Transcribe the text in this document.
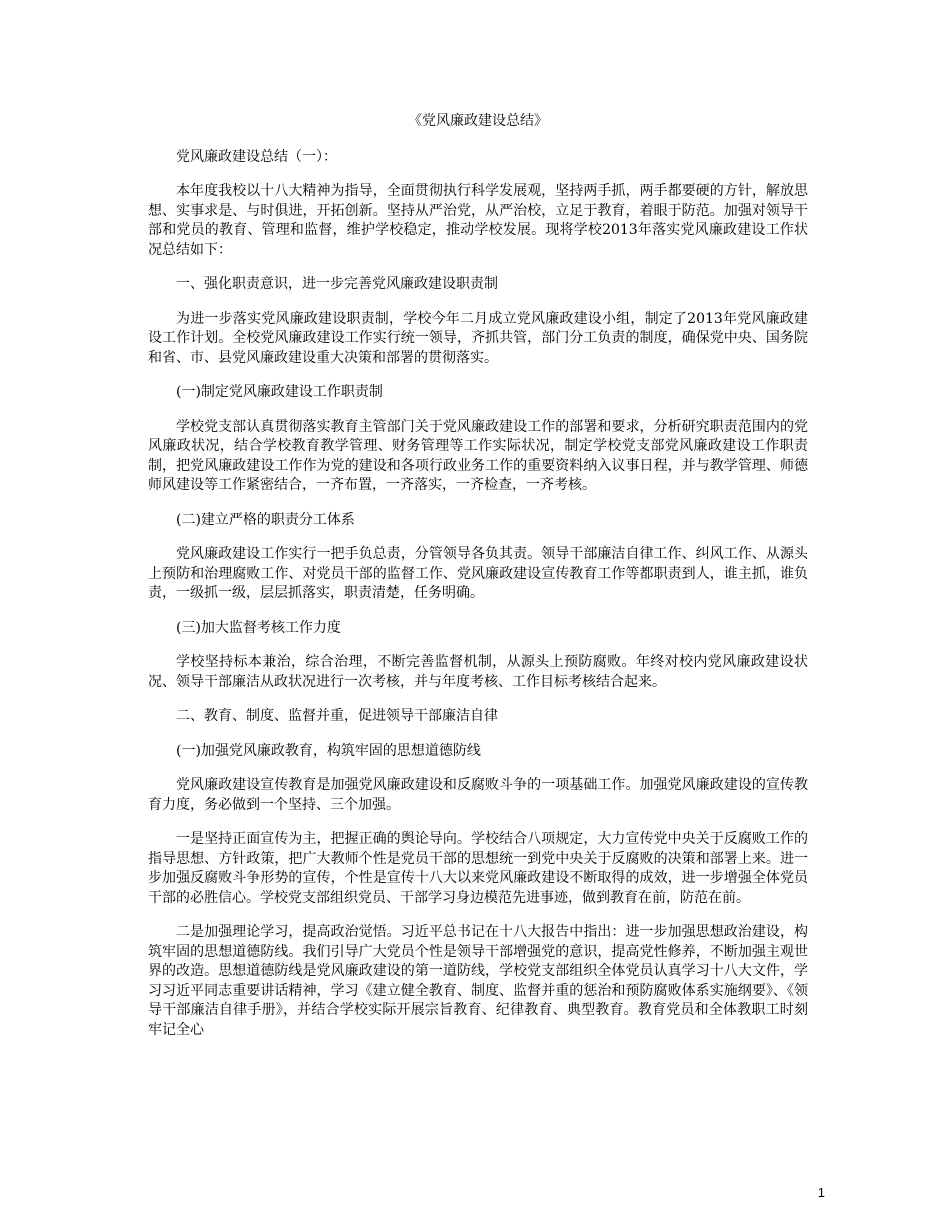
《党风廉政建设总结》

党风廉政建设总结（一）：

本年度我校以十八大精神为指导，全面贯彻执行科学发展观，坚持两手抓，两手都要硬的方针，解放思想、实事求是、与时俱进，开拓创新。坚持从严治党，从严治校，立足于教育，着眼于防范。加强对领导干部和党员的教育、管理和监督，维护学校稳定，推动学校发展。现将学校2013年落实党风廉政建设工作状况总结如下：

一、强化职责意识，进一步完善党风廉政建设职责制

为进一步落实党风廉政建设职责制，学校今年二月成立党风廉政建设小组，制定了2013年党风廉政建设工作计划。全校党风廉政建设工作实行统一领导，齐抓共管，部门分工负责的制度，确保党中央、国务院和省、市、县党风廉政建设重大决策和部署的贯彻落实。

(一)制定党风廉政建设工作职责制

学校党支部认真贯彻落实教育主管部门关于党风廉政建设工作的部署和要求，分析研究职责范围内的党风廉政状况，结合学校教育教学管理、财务管理等工作实际状况，制定学校党支部党风廉政建设工作职责制，把党风廉政建设工作作为党的建设和各项行政业务工作的重要资料纳入议事日程，并与教学管理、师德师风建设等工作紧密结合，一齐布置，一齐落实，一齐检查，一齐考核。

(二)建立严格的职责分工体系

党风廉政建设工作实行一把手负总责，分管领导各负其责。领导干部廉洁自律工作、纠风工作、从源头上预防和治理腐败工作、对党员干部的监督工作、党风廉政建设宣传教育工作等都职责到人，谁主抓，谁负责，一级抓一级，层层抓落实，职责清楚，任务明确。

(三)加大监督考核工作力度

学校坚持标本兼治，综合治理，不断完善监督机制，从源头上预防腐败。年终对校内党风廉政建设状况、领导干部廉洁从政状况进行一次考核，并与年度考核、工作目标考核结合起来。

二、教育、制度、监督并重，促进领导干部廉洁自律

(一)加强党风廉政教育，构筑牢固的思想道德防线

党风廉政建设宣传教育是加强党风廉政建设和反腐败斗争的一项基础工作。加强党风廉政建设的宣传教育力度，务必做到一个坚持、三个加强。

一是坚持正面宣传为主，把握正确的舆论导向。学校结合八项规定，大力宣传党中央关于反腐败工作的指导思想、方针政策，把广大教师个性是党员干部的思想统一到党中央关于反腐败的决策和部署上来。进一步加强反腐败斗争形势的宣传，个性是宣传十八大以来党风廉政建设不断取得的成效，进一步增强全体党员干部的必胜信心。学校党支部组织党员、干部学习身边模范先进事迹，做到教育在前，防范在前。

二是加强理论学习，提高政治觉悟。习近平总书记在十八大报告中指出：进一步加强思想政治建设，构筑牢固的思想道德防线。我们引导广大党员个性是领导干部增强党的意识，提高党性修养，不断加强主观世界的改造。思想道德防线是党风廉政建设的第一道防线，学校党支部组织全体党员认真学习十八大文件，学习习近平同志重要讲话精神，学习《建立健全教育、制度、监督并重的惩治和预防腐败体系实施纲要》、《领导干部廉洁自律手册》，并结合学校实际开展宗旨教育、纪律教育、典型教育。教育党员和全体教职工时刻牢记全心

1
